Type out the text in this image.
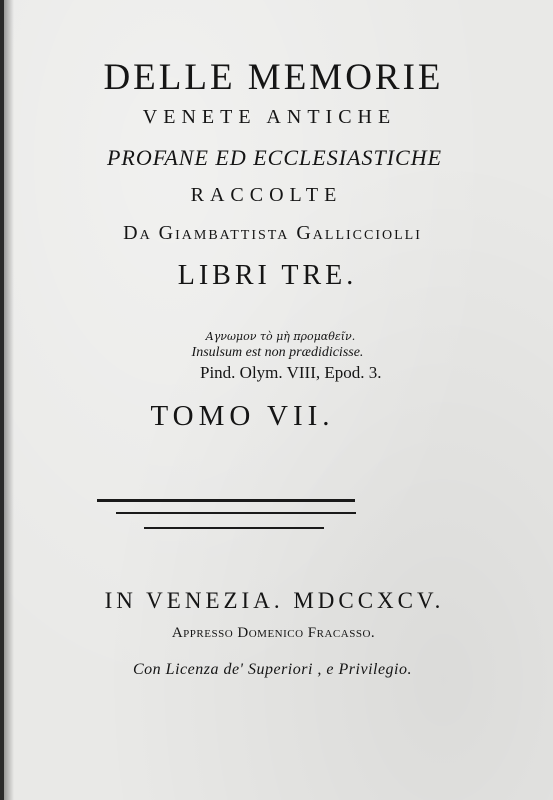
DELLE MEMORIE
VENETE ANTICHE
PROFANE ED ECCLESIASTICHE
RACCOLTE
Da Giambattista Gallicciolli
LIBRI TRE.
Αγνωμον τὸ μὴ προμαθεῖν.
Insulsum est non prædidicisse.
Pind. Olym. VIII, Epod. 3.
TOMO VII.
IN VENEZIA. MDCCXCV.
Appresso Domenico Fracasso.
Con Licenza de' Superiori , e Privilegio.
